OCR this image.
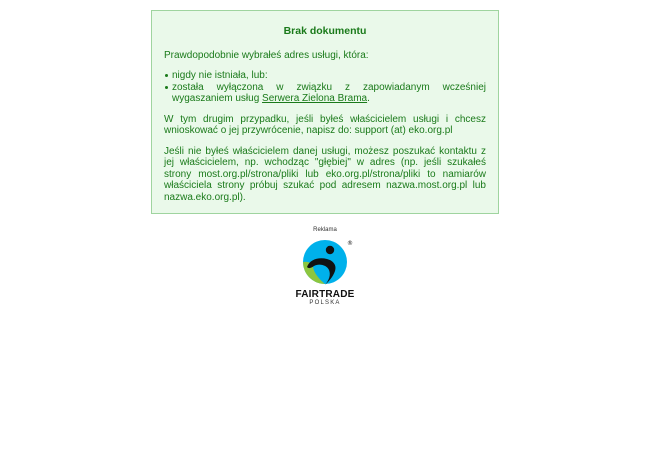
Brak dokumentu

Prawdopodobnie wybrałeś adres usługi, która:

nigdy nie istniała, lub:
została wyłączona w związku z zapowiadanym wcześniej wygaszaniem usług Serwera Zielona Brama.

W tym drugim przypadku, jeśli byłeś właścicielem usługi i chcesz wnioskować o jej przywrócenie, napisz do: support (at) eko.org.pl

Jeśli nie byłeś właścicielem danej usługi, możesz poszukać kontaktu z jej właścicielem, np. wchodząc "głębiej" w adres (np. jeśli szukałeś strony most.org.pl/strona/pliki lub eko.org.pl/strona/pliki to namiarów właściciela strony próbuj szukać pod adresem nazwa.most.org.pl lub nazwa.eko.org.pl).

Reklama
®
FAIRTRADE
POLSKA
